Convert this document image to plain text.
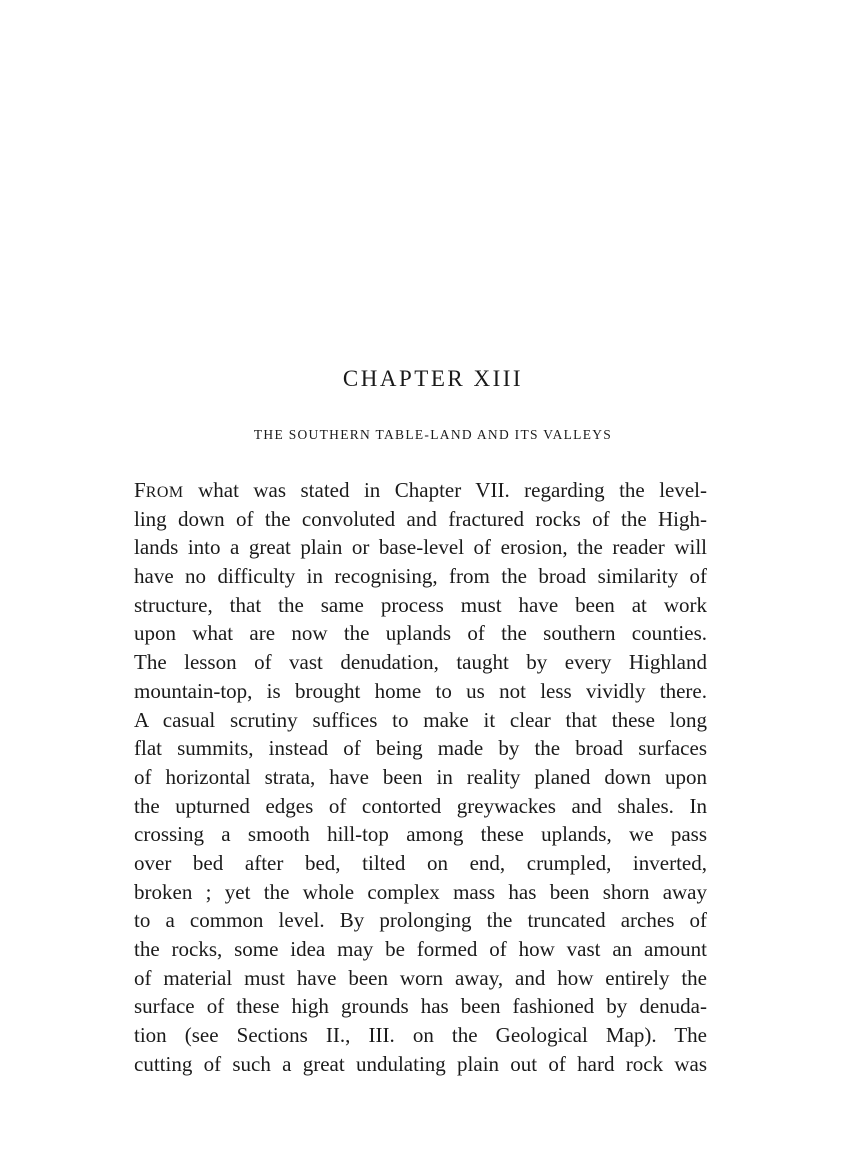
CHAPTER XIII
THE SOUTHERN TABLE-LAND AND ITS VALLEYS
FROM what was stated in Chapter VII. regarding the level-
ling down of the convoluted and fractured rocks of the High-
lands into a great plain or base-level of erosion, the reader will
have no difficulty in recognising, from the broad similarity of
structure, that the same process must have been at work
upon what are now the uplands of the southern counties.
The lesson of vast denudation, taught by every Highland
mountain-top, is brought home to us not less vividly there.
A casual scrutiny suffices to make it clear that these long
flat summits, instead of being made by the broad surfaces
of horizontal strata, have been in reality planed down upon
the upturned edges of contorted greywackes and shales. In
crossing a smooth hill-top among these uplands, we pass
over bed after bed, tilted on end, crumpled, inverted,
broken ; yet the whole complex mass has been shorn away
to a common level. By prolonging the truncated arches of
the rocks, some idea may be formed of how vast an amount
of material must have been worn away, and how entirely the
surface of these high grounds has been fashioned by denuda-
tion (see Sections II., III. on the Geological Map). The
cutting of such a great undulating plain out of hard rock was
